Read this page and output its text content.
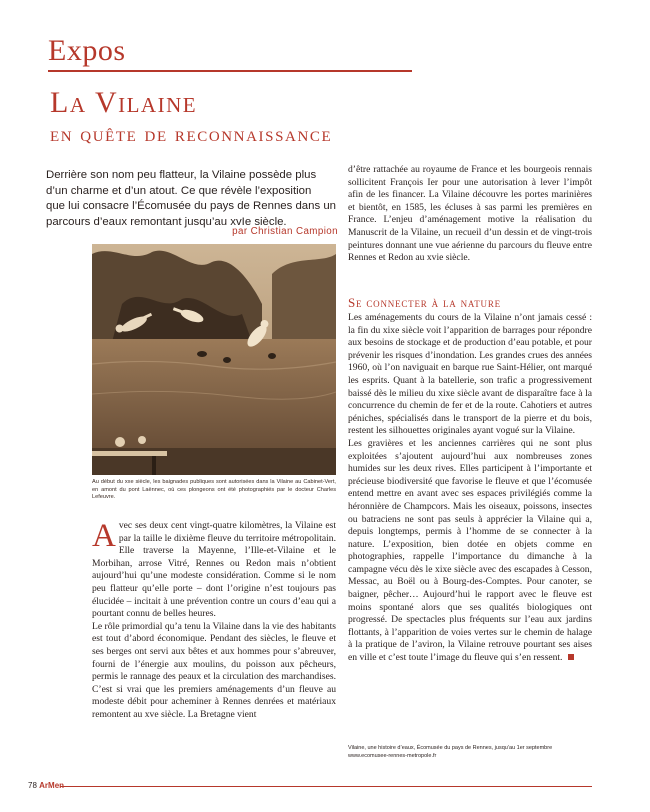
Expos
La Vilaine
en quête de reconnaissance
Derrière son nom peu flatteur, la Vilaine possède plus
d’un charme et d’un atout. Ce que révèle l’exposition
que lui consacre l’Écomusée du pays de Rennes dans un
parcours d’eaux remontant jusqu’au xvIe siècle.
par Christian Campion
Au début du xxe siècle, les baignades publiques sont autorisées dans la Vilaine au Cabinet-Vert, en amont du pont Laënnec, où ces plongeons ont été photographiés par le docteur Charles Lefeuvre.

Avec ses deux cent vingt-quatre kilomètres, la Vilaine est par la taille le dixième fleuve du territoire métropolitain. Elle traverse la Mayenne, l’Ille-et-Vilaine et le Morbihan, arrose Vitré, Rennes ou Redon mais n’obtient aujourd’hui qu’une modeste considération. Comme si le nom peu flatteur qu’elle porte – dont l’origine n’est toujours pas élucidée – incitait à une prévention contre un cours d’eau qui a pourtant connu de belles heures.

Le rôle primordial qu’a tenu la Vilaine dans la vie des habitants est tout d’abord économique. Pendant des siècles, le fleuve et ses berges ont servi aux bêtes et aux hommes pour s’abreuver, fourni de l’énergie aux moulins, du poisson aux pêcheurs, permis le rannage des peaux et la circulation des marchandises. C’est si vrai que les premiers aménagements d’un fleuve au modeste débit pour acheminer à Rennes denrées et matériaux remontent au xve siècle. La Bretagne vient

d’être rattachée au royaume de France et les bourgeois rennais sollicitent François Ier pour une autorisation à lever l’impôt afin de les financer. La Vilaine découvre les portes marinières et bientôt, en 1585, les écluses à sas parmi les premières en France. L’enjeu d’aménagement motive la réalisation du Manuscrit de la Vilaine, un recueil d’un dessin et de vingt-trois peintures donnant une vue aérienne du parcours du fleuve entre Rennes et Redon au xvie siècle.

Se connecter à la nature

Les aménagements du cours de la Vilaine n’ont jamais cessé : la fin du xixe siècle voit l’apparition de barrages pour répondre aux besoins de stockage et de production d’eau potable, et pour prévenir les risques d’inondation. Les grandes crues des années 1960, où l’on naviguait en barque rue Saint-Hélier, ont marqué les esprits. Quant à la batellerie, son trafic a progressivement baissé dès le milieu du xixe siècle avant de disparaître face à la concurrence du chemin de fer et de la route. Cahotiers et autres péniches, spécialisés dans le transport de la pierre et du bois, restent les silhouettes originales ayant vogué sur la Vilaine.

Les gravières et les anciennes carrières qui ne sont plus exploitées s’ajoutent aujourd’hui aux nombreuses zones humides sur les deux rives. Elles participent à l’importante et précieuse biodiversité que favorise le fleuve et que l’écomusée entend mettre en avant avec ses espaces privilégiés comme la héronnière de Champcors. Mais les oiseaux, poissons, insectes ou batraciens ne sont pas seuls à apprécier la Vilaine qui a, depuis longtemps, permis à l’homme de se connecter à la nature. L’exposition, bien dotée en objets comme en photographies, rappelle l’importance du dimanche à la campagne vécu dès le xixe siècle avec des escapades à Cesson, Messac, au Boël ou à Bourg-des-Comptes. Pour canoter, se baigner, pêcher… Aujourd’hui le rapport avec le fleuve est moins spontané alors que ses qualités biologiques ont progressé. De spectacles plus fréquents sur l’eau aux jardins flottants, à l’apparition de voies vertes sur le chemin de halage à la pratique de l’aviron, la Vilaine retrouve pourtant ses aises en ville et c’est toute l’image du fleuve qui s’en ressent.

Vilaine, une histoire d’eaux, Écomusée du pays de Rennes, jusqu’au 1er septembre www.ecomusee-rennes-metropole.fr
78 ArMen
